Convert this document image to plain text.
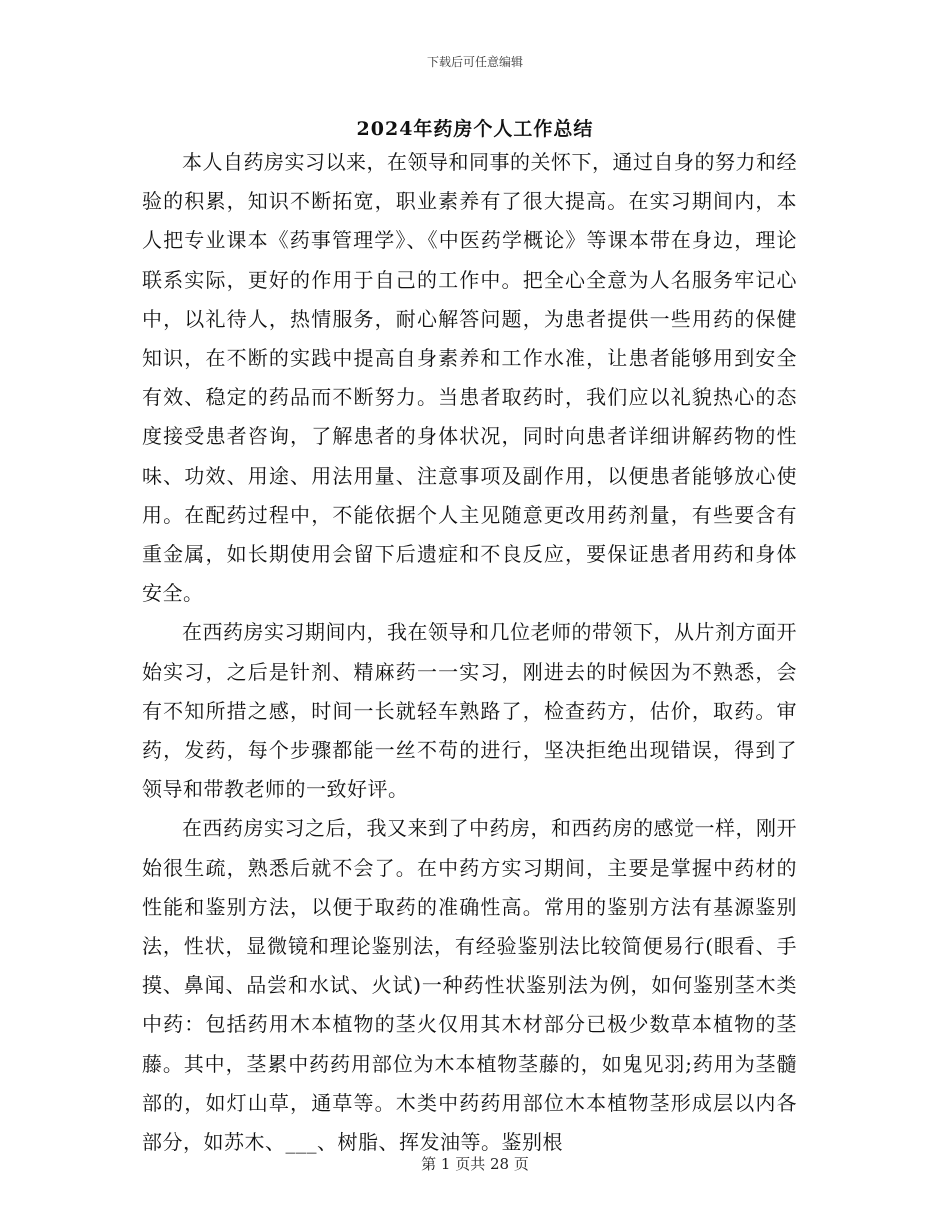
下载后可任意编辑
2024年药房个人工作总结

本人自药房实习以来，在领导和同事的关怀下，通过自身的努力和经验的积累，知识不断拓宽，职业素养有了很大提高。在实习期间内，本人把专业课本《药事管理学》、《中医药学概论》等课本带在身边，理论联系实际，更好的作用于自己的工作中。把全心全意为人名服务牢记心中，以礼待人，热情服务，耐心解答问题，为患者提供一些用药的保健知识，在不断的实践中提高自身素养和工作水准，让患者能够用到安全有效、稳定的药品而不断努力。当患者取药时，我们应以礼貌热心的态度接受患者咨询，了解患者的身体状况，同时向患者详细讲解药物的性味、功效、用途、用法用量、注意事项及副作用，以便患者能够放心使用。在配药过程中，不能依据个人主见随意更改用药剂量，有些要含有重金属，如长期使用会留下后遗症和不良反应，要保证患者用药和身体安全。

在西药房实习期间内，我在领导和几位老师的带领下，从片剂方面开始实习，之后是针剂、精麻药一一实习，刚进去的时候因为不熟悉，会有不知所措之感，时间一长就轻车熟路了，检查药方，估价，取药。审药，发药，每个步骤都能一丝不苟的进行，坚决拒绝出现错误，得到了领导和带教老师的一致好评。

在西药房实习之后，我又来到了中药房，和西药房的感觉一样，刚开始很生疏，熟悉后就不会了。在中药方实习期间，主要是掌握中药材的性能和鉴别方法，以便于取药的准确性高。常用的鉴别方法有基源鉴别法，性状，显微镜和理论鉴别法，有经验鉴别法比较简便易行(眼看、手摸、鼻闻、品尝和水试、火试)一种药性状鉴别法为例，如何鉴别茎木类中药：包括药用木本植物的茎火仅用其木材部分已极少数草本植物的茎藤。其中，茎累中药药用部位为木本植物茎藤的，如鬼见羽;药用为茎髓部的，如灯山草，通草等。木类中药药用部位木本植物茎形成层以内各部分，如苏木、___、树脂、挥发油等。鉴别根

第 1 页共 28 页
